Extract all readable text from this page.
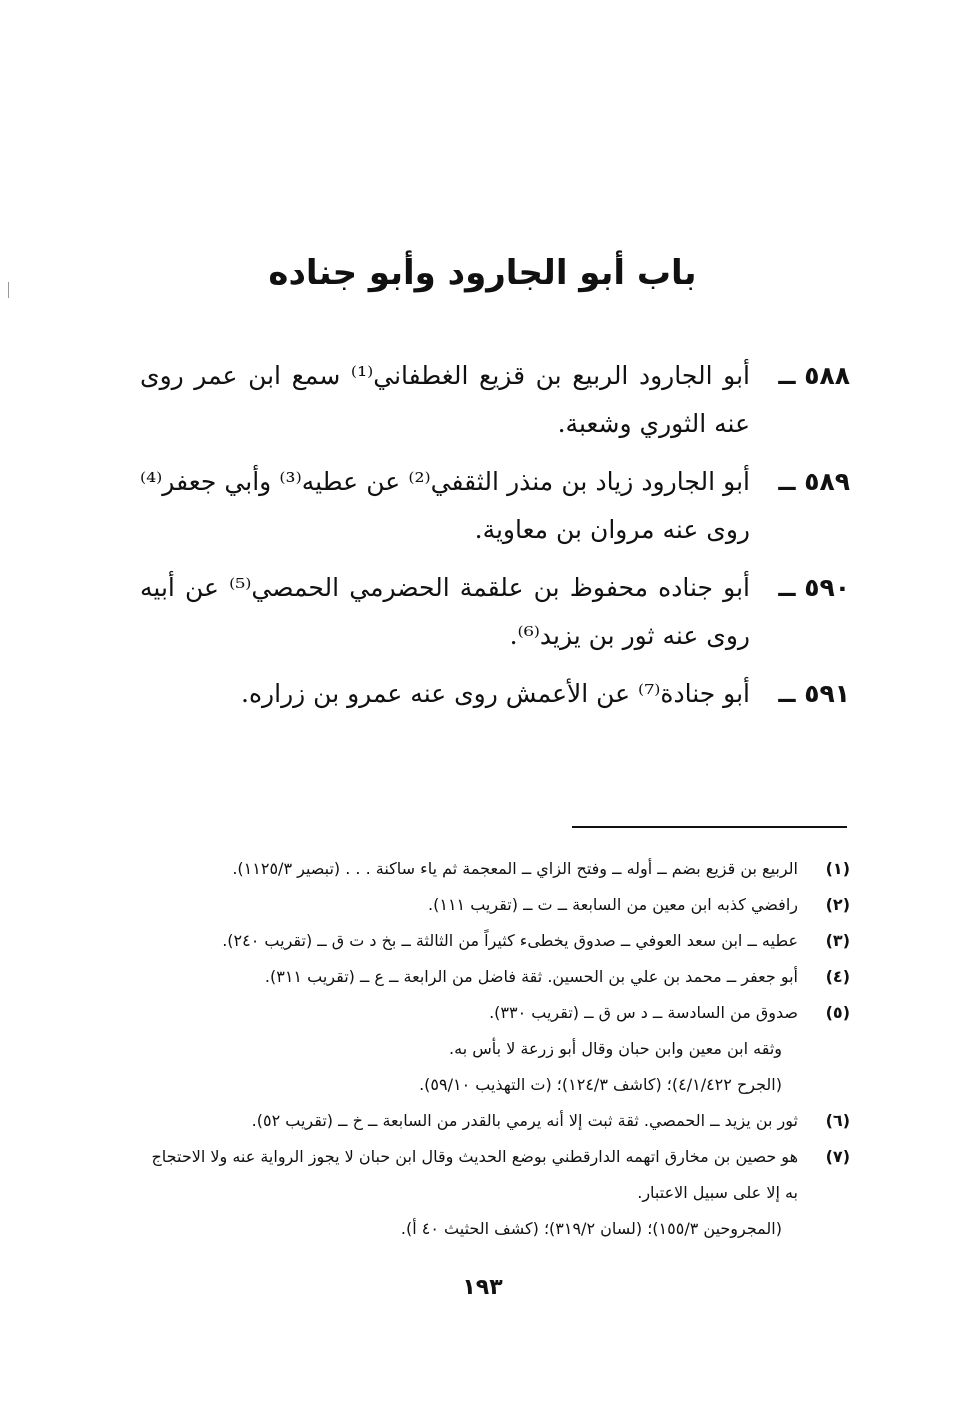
باب أبو الجارود وأبو جناده
٥٨٨ ــ
أبو الجارود الربيع بن قزيع الغطفاني⁽¹⁾ سمع ابن عمر روى عنه الثوري وشعبة.
٥٨٩ ــ
أبو الجارود زياد بن منذر الثقفي⁽²⁾ عن عطيه⁽³⁾ وأبي جعفر⁽⁴⁾ روى عنه مروان بن معاوية.
٥٩٠ ــ
أبو جناده محفوظ بن علقمة الحضرمي الحمصي⁽⁵⁾ عن أبيه روى عنه ثور بن يزيد⁽⁶⁾.
٥٩١ ــ
أبو جنادة⁽⁷⁾ عن الأعمش روى عنه عمرو بن زراره.
(١)
الربيع بن قزيع بضم ــ أوله ــ وفتح الزاي ــ المعجمة ثم ياء ساكنة . . . (تبصير ١١٢٥/٣).
(٢)
رافضي كذبه ابن معين من السابعة ــ ت ــ (تقريب ١١١).
(٣)
عطيه ــ ابن سعد العوفي ــ صدوق يخطىء كثيراً من الثالثة ــ بخ د ت ق ــ (تقريب ٢٤٠).
(٤)
أبو جعفر ــ محمد بن علي بن الحسين. ثقة فاضل من الرابعة ــ ع ــ (تقريب ٣١١).
(٥)
صدوق من السادسة ــ د س ق ــ (تقريب ٣٣٠).
وثقه ابن معين وابن حبان وقال أبو زرعة لا بأس به.
(الجرح ٤/١/٤٢٢)؛ (كاشف ١٢٤/٣)؛ (ت التهذيب ٥٩/١٠).
(٦)
ثور بن يزيد ــ الحمصي. ثقة ثبت إلا أنه يرمي بالقدر من السابعة ــ خ ــ (تقريب ٥٢).
(٧)
هو حصين بن مخارق اتهمه الدارقطني بوضع الحديث وقال ابن حبان لا يجوز الرواية عنه ولا الاحتجاج به إلا على سبيل الاعتبار.
(المجروحين ١٥٥/٣)؛ (لسان ٣١٩/٢)؛ (كشف الحثيث ٤٠ أ).
١٩٣
